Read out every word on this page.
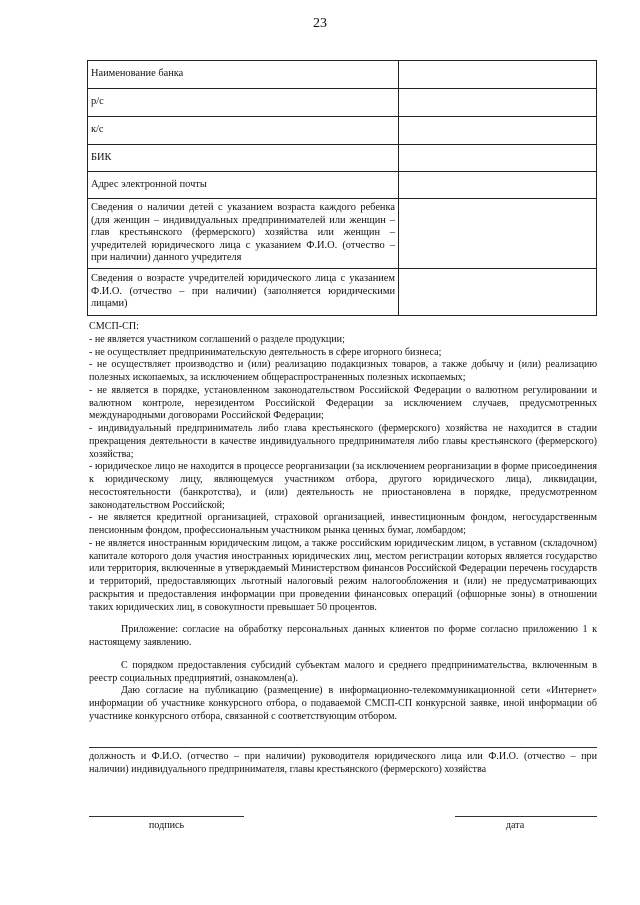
23
Наименование банка	
р/с	
к/с	
БИК	
Адрес электронной почты	
Сведения о наличии детей с указанием возраста каждого ребенка (для женщин – индивидуальных предпринимателей или женщин – глав крестьянского (фермерского) хозяйства или женщин – учредителей юридического лица с указанием Ф.И.О. (отчество – при наличии) данного учредителя	
Сведения о возрасте учредителей юридического лица с указанием Ф.И.О. (отчество – при наличии) (заполняется юридическими лицами)	

СМСП-СП:

- не является участником соглашений о разделе продукции;

- не осуществляет предпринимательскую деятельность в сфере игорного бизнеса;

- не осуществляет производство и (или) реализацию подакцизных товаров, а также добычу и (или) реализацию полезных ископаемых, за исключением общераспространенных полезных ископаемых;

- не является в порядке, установленном законодательством Российской Федерации о валютном регулировании и валютном контроле, нерезидентом Российской Федерации за исключением случаев, предусмотренных международными договорами Российской Федерации;

- индивидуальный предприниматель либо глава крестьянского (фермерского) хозяйства не находится в стадии прекращения деятельности в качестве индивидуального предпринимателя либо главы крестьянского (фермерского) хозяйства;

- юридическое лицо не находится в процессе реорганизации (за исключением реорганизации в форме присоединения к юридическому лицу, являющемуся участником отбора, другого юридического лица), ликвидации, несостоятельности (банкротства), и (или) деятельность не приостановлена в порядке, предусмотренном законодательством Российской;

- не является кредитной организацией, страховой организацией, инвестиционным фондом, негосударственным пенсионным фондом, профессиональным участником рынка ценных бумаг, ломбардом;

- не является иностранным юридическим лицом, а также российским юридическим лицом, в уставном (складочном) капитале которого доля участия иностранных юридических лиц, местом регистрации которых является государство или территория, включенные в утверждаемый Министерством финансов Российской Федерации перечень государств и территорий, предоставляющих льготный налоговый режим налогообложения и (или) не предусматривающих раскрытия и предоставления информации при проведении финансовых операций (офшорные зоны) в отношении таких юридических лиц, в совокупности превышает 50 процентов.

Приложение: согласие на обработку персональных данных клиентов по форме согласно приложению 1 к настоящему заявлению.

С порядком предоставления субсидий субъектам малого и среднего предпринимательства, включенным в реестр социальных предприятий, ознакомлен(а).

Даю согласие на публикацию (размещение) в информационно-телекоммуникационной сети «Интернет» информации об участнике конкурсного отбора, о подаваемой СМСП-СП конкурсной заявке, иной информации об участнике конкурсного отбора, связанной с соответствующим отбором.

должность и Ф.И.О. (отчество – при наличии) руководителя юридического лица или Ф.И.О. (отчество – при наличии) индивидуального предпринимателя, главы крестьянского (фермерского) хозяйства
подпись	дата
